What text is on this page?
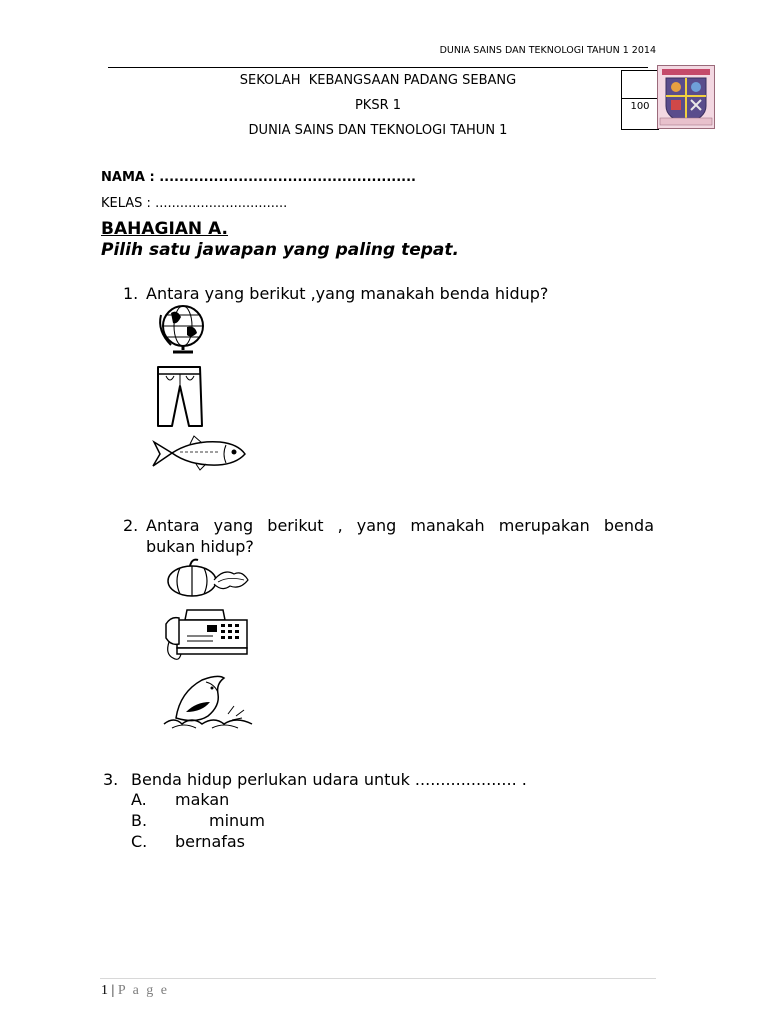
DUNIA SAINS DAN TEKNOLOGI TAHUN 1 2014
SEKOLAH  KEBANGSAAN PADANG SEBANG
PKSR 1
DUNIA SAINS DAN TEKNOLOGI TAHUN 1
100
NAMA : ....................................................
KELAS : ................................
BAHAGIAN A.
Pilih satu jawapan yang paling tepat.
1. Antara yang berikut ,yang manakah benda hidup?
2. Antara yang berikut , yang manakah merupakan benda
bukan hidup?
3. Benda hidup perlukan udara untuk .................... .
A. makan
B.	minum
C. bernafas
1 | P a g e
